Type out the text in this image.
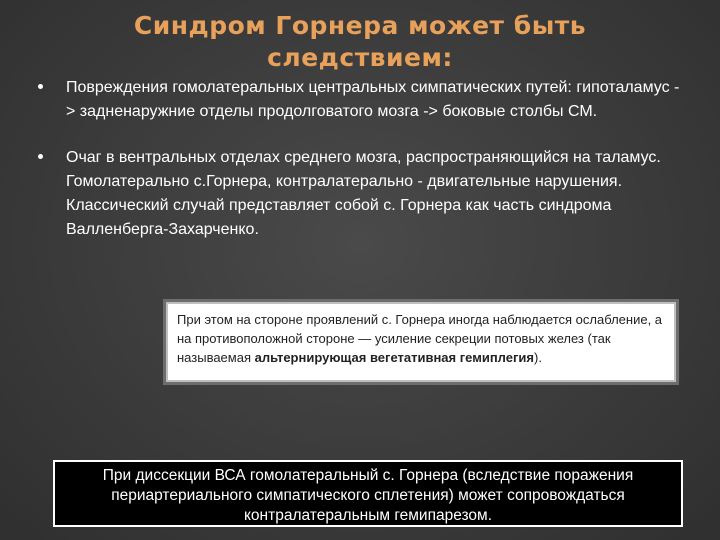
Синдром Горнера может быть следствием:
Повреждения гомолатеральных центральных симпатических путей: гипоталамус -> задненаружние отделы продолговатого мозга -> боковые столбы СМ.
Очаг в вентральных отделах среднего мозга, распространяющийся на таламус. Гомолатерально с.Горнера, контралатерально - двигательные нарушения. Классический случай представляет собой с. Горнера как часть синдрома Валленберга-Захарченко.
При этом на стороне проявлений с. Горнера иногда наблюдается ослабление, а на противоположной стороне — усиление секреции потовых желез (так называемая альтернирующая вегетативная гемиплегия).
При диссекции ВСА гомолатеральный с. Горнера (вследствие поражения периартериального симпатического сплетения) может сопровождаться контралатеральным гемипарезом.
